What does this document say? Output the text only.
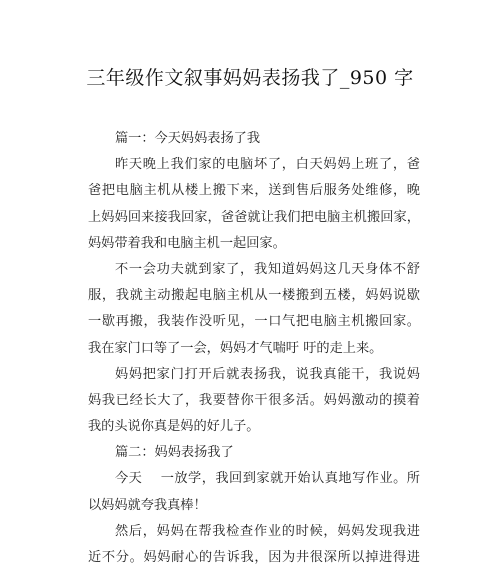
三年级作文叙事妈妈表扬我了_950 字
篇一：今天妈妈表扬了我
昨天晚上我们家的电脑坏了，白天妈妈上班了，爸
爸把电脑主机从楼上搬下来，送到售后服务处维修，晚
上妈妈回来接我回家，爸爸就让我们把电脑主机搬回家，
妈妈带着我和电脑主机一起回家。
不一会功夫就到家了，我知道妈妈这几天身体不舒
服，我就主动搬起电脑主机从一楼搬到五楼，妈妈说歇
一歇再搬，我装作没听见，一口气把电脑主机搬回家。
我在家门口等了一会，妈妈才气喘吁 吁的走上来。
妈妈把家门打开后就表扬我，说我真能干，我说妈
妈我已经长大了，我要替你干很多活。妈妈激动的摸着
我的头说你真是妈的好儿子。
篇二：妈妈表扬我了
今天　 一放学，我回到家就开始认真地写作业。所
以妈妈就夸我真棒！
然后，妈妈在帮我检查作业的时候，妈妈发现我进
近不分。妈妈耐心的告诉我，因为井很深所以掉进得进
